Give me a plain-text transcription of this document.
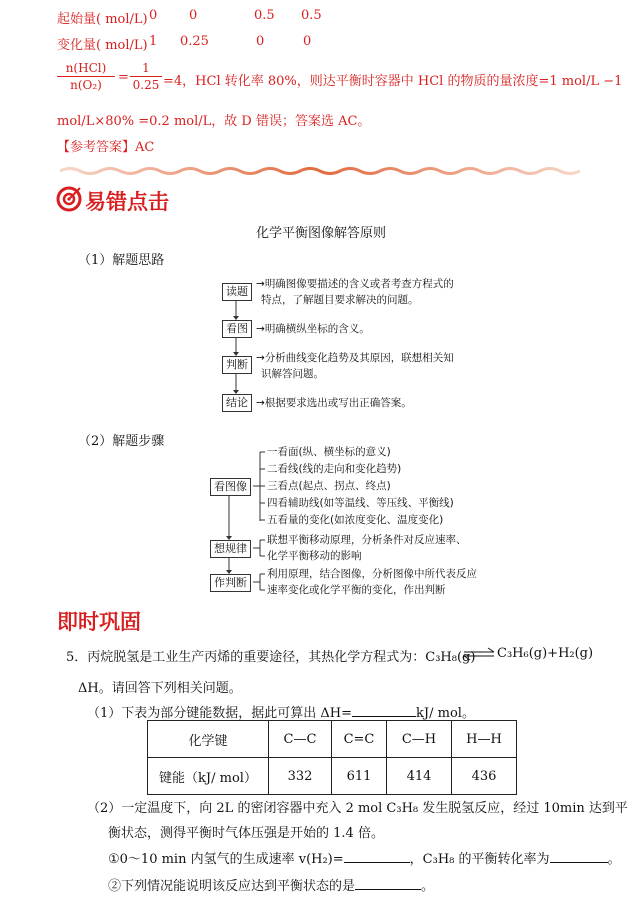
起始量( mol/L) 0 0	0.5 0.5
变化量( mol/L) 1 0.25	0	0
n(HCl)
n(O₂)	=
1
0.25 =4，HCl 转化率 80%，则达平衡时容器中 HCl 的物质的量浓度=1 mol/L −1
mol/L×80% =0.2 mol/L，故 D 错误；答案选 AC。
【参考答案】AC
易错点击
化学平衡图像解答原则
（1）解题思路
读题
→明确图像要描述的含义或者考查方程式的
特点，了解题目要求解决的问题。
看图 →明确横纵坐标的含义。
判断 →分析曲线变化趋势及其原因，联想相关知
识解答问题。
结论 →根据要求选出或写出正确答案。
（2）解题步骤
看图像
一看面(纵、横坐标的意义)
二看线(线的走向和变化趋势)
三看点(起点、拐点、终点)
四看辅助线(如等温线、等压线、平衡线)
五看量的变化(如浓度变化、温度变化)
想规律
联想平衡移动原理，分析条件对反应速率、
化学平衡移动的影响
作判断
利用原理，结合图像，分析图像中所代表反应
速率变化或化学平衡的变化，作出判断
即时巩固
5．丙烷脱氢是工业生产丙烯的重要途径，其热化学方程式为：C₃H₈(g) ⇌ C₃H₆(g)+H₂(g)
ΔH。请回答下列相关问题。
（1）下表为部分键能数据，据此可算出 ΔH=	kJ/ mol。
化学键	C—C	C=C	C—H	H—H
键能（kJ/ mol）	332	611	414	436
（2）一定温度下，向 2L 的密闭容器中充入 2 mol C₃H₈ 发生脱氢反应，经过 10min 达到平
衡状态，测得平衡时气体压强是开始的 1.4 倍。
①0～10 min 内氢气的生成速率 v(H₂)=	，C₃H₈ 的平衡转化率为	。
②下列情况能说明该反应达到平衡状态的是	。
